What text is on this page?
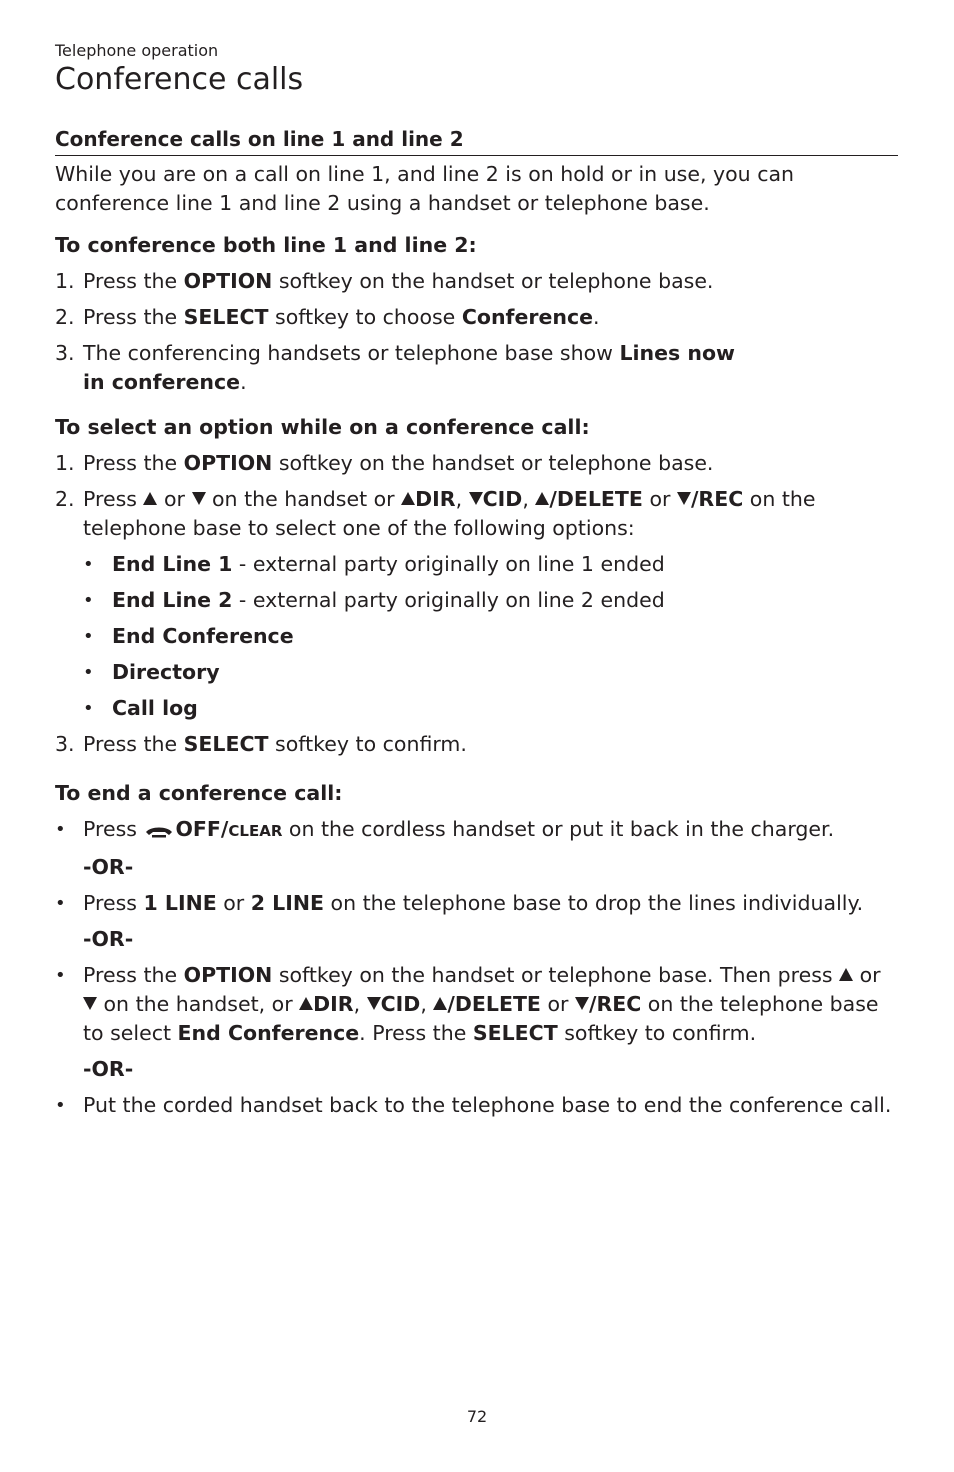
Telephone operation
Conference calls
Conference calls on line 1 and line 2

While you are on a call on line 1, and line 2 is on hold or in use, you can conference line 1 and line 2 using a handset or telephone base.

To conference both line 1 and line 2:

1. Press the OPTION softkey on the handset or telephone base.
2. Press the SELECT softkey to choose Conference.
3. The conferencing handsets or telephone base show Lines now
in conference.

To select an option while on a conference call:

1. Press the OPTION softkey on the handset or telephone base.
2. Press  or  on the handset or DIR, CID, /DELETE or /REC on the telephone base to select one of the following options:
• End Line 1 - external party originally on line 1 ended
• End Line 2 - external party originally on line 2 ended
• End Conference
• Directory
• Call log
3. Press the SELECT softkey to confirm.

To end a conference call:

• Press OFF/CLEAR on the cordless handset or put it back in the charger.
-OR-
• Press 1 LINE or 2 LINE on the telephone base to drop the lines individually.
-OR-
• Press the OPTION softkey on the handset or telephone base. Then press  or  on the handset, or DIR, CID, /DELETE or /REC on the telephone base to select End Conference. Press the SELECT softkey to confirm.
-OR-
• Put the corded handset back to the telephone base to end the conference call.
72
